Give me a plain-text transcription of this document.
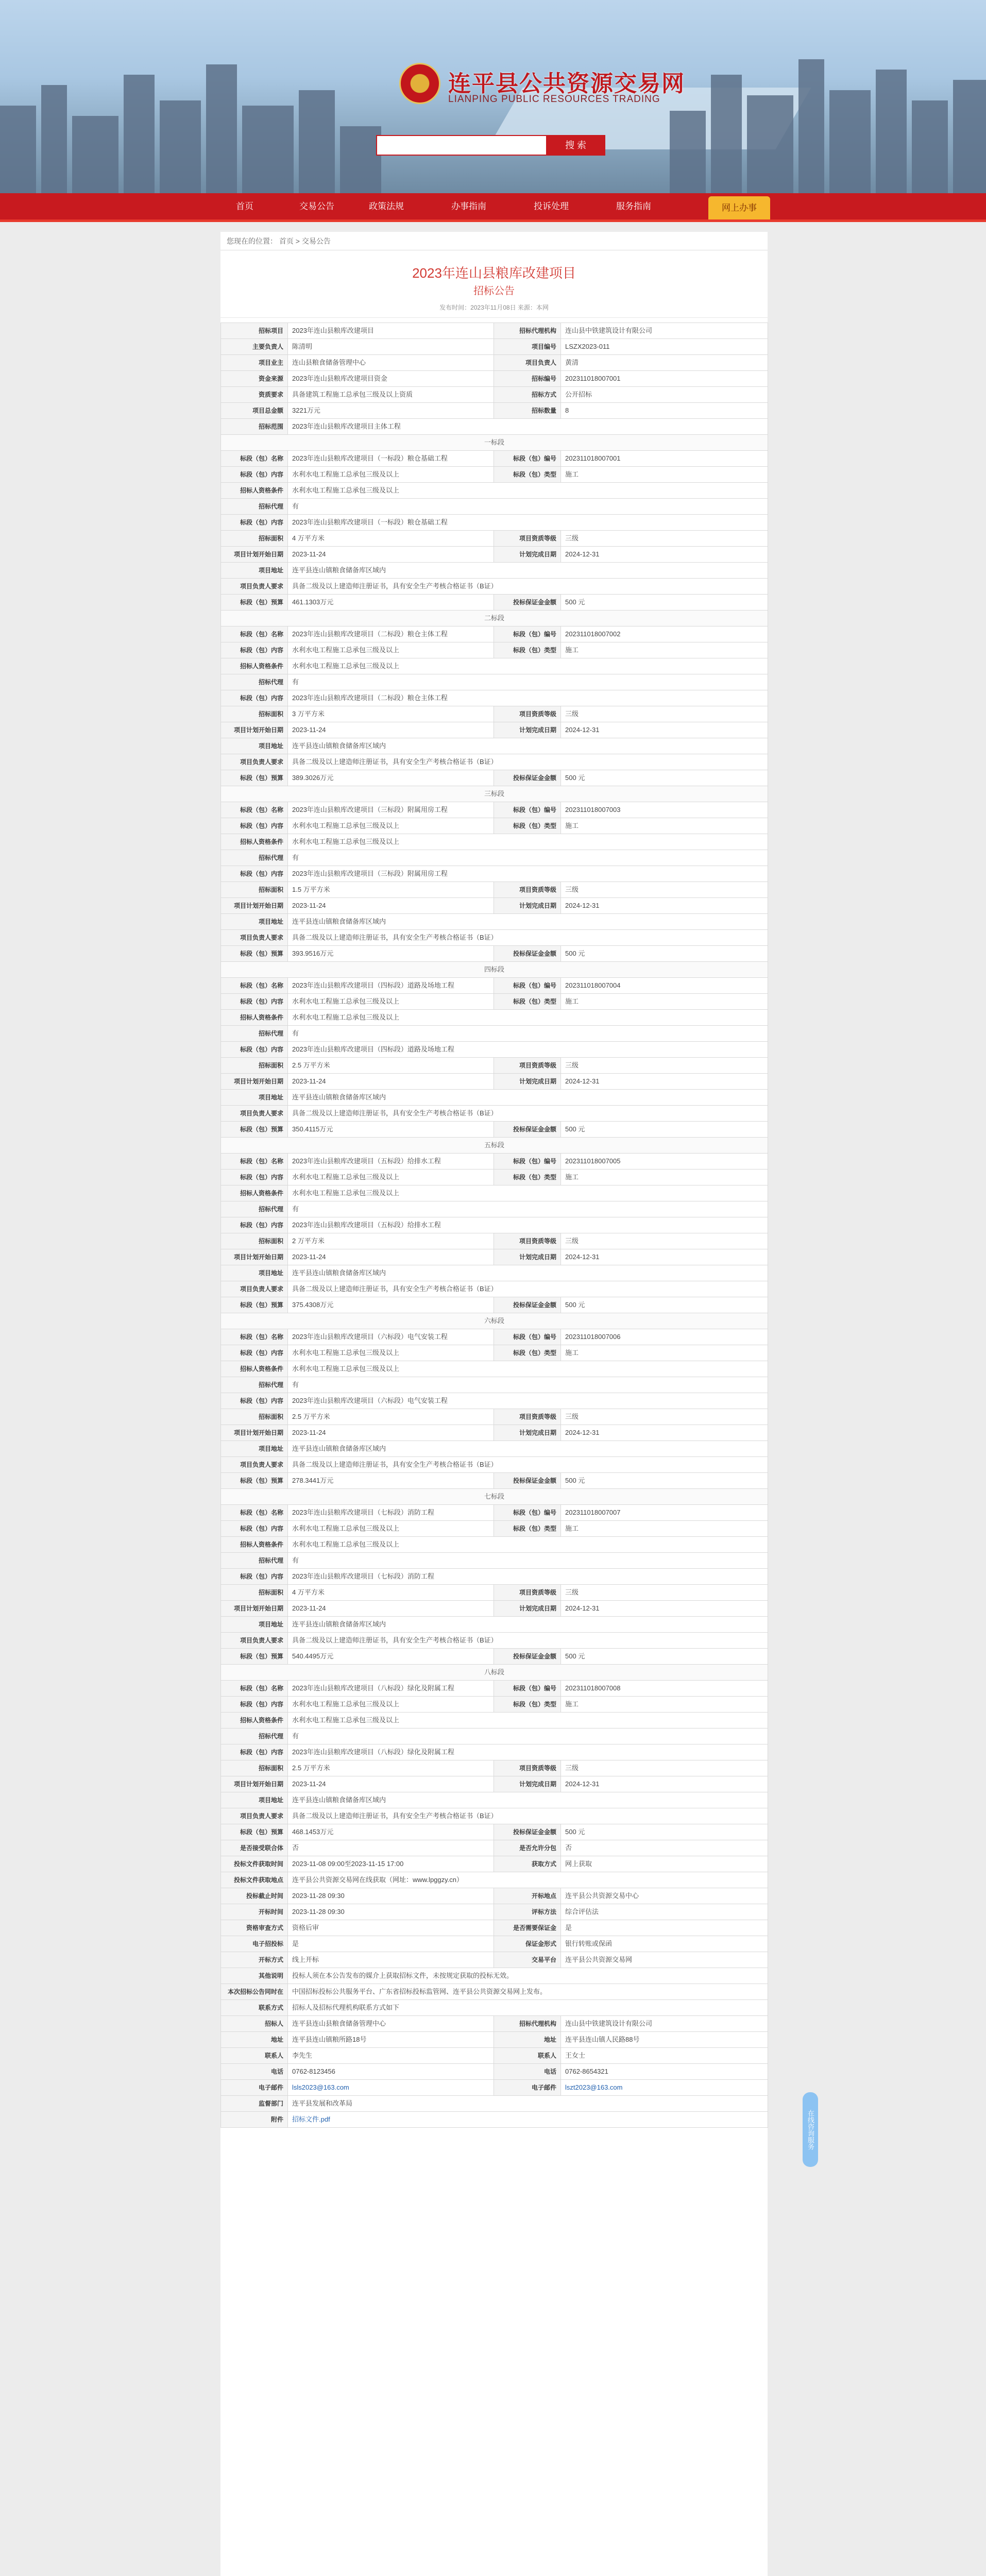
连平县公共资源交易网
LIANPING PUBLIC RESOURCES TRADING
搜 索
首页	交易公告	政策法规	办事指南	投诉处理	服务指南	网上办事
您现在的位置： 首页 > 交易公告
2023年连山县粮库改建项目
招标公告
发布时间：2023年11月08日 来源：本网
招标项目	2023年连山县粮库改建项目	招标代理机构	连山县中铁建筑设计有限公司
主要负责人	陈清明	项目编号	LSZX2023-011
项目业主	连山县粮食储备管理中心	项目负责人	黄清
资金来源	2023年连山县粮库改建项目资金	招标编号	202311018007001
资质要求	具备建筑工程施工总承包三级及以上资质	招标方式	公开招标
项目总金额	3221万元	招标数量	8
招标范围	2023年连山县粮库改建项目主体工程		
一标段			
标段（包）名称	2023年连山县粮库改建项目（一标段）粮仓基础工程	标段（包）编号	202311018007001
标段（包）内容	水利水电工程施工总承包三级及以上	标段（包）类型	施工
招标人资格条件	水利水电工程施工总承包三级及以上		
招标代理	有		
标段（包）内容	2023年连山县粮库改建项目（一标段）粮仓基础工程		
招标面积	4 万平方米	项目资质等级	三级
项目计划开始日期	2023-11-24	计划完成日期	2024-12-31
项目地址	连平县连山镇粮食储备库区域内		
项目负责人要求	具备二级及以上建造师注册证书，具有安全生产考核合格证书（B证）		
标段（包）预算	461.1303万元	投标保证金金额	500 元
二标段			
标段（包）名称	2023年连山县粮库改建项目（二标段）粮仓主体工程	标段（包）编号	202311018007002
标段（包）内容	水利水电工程施工总承包三级及以上	标段（包）类型	施工
招标人资格条件	水利水电工程施工总承包三级及以上		
招标代理	有		
标段（包）内容	2023年连山县粮库改建项目（二标段）粮仓主体工程		
招标面积	3 万平方米	项目资质等级	三级
项目计划开始日期	2023-11-24	计划完成日期	2024-12-31
项目地址	连平县连山镇粮食储备库区域内		
项目负责人要求	具备二级及以上建造师注册证书，具有安全生产考核合格证书（B证）		
标段（包）预算	389.3026万元	投标保证金金额	500 元
三标段			
标段（包）名称	2023年连山县粮库改建项目（三标段）附属用房工程	标段（包）编号	202311018007003
标段（包）内容	水利水电工程施工总承包三级及以上	标段（包）类型	施工
招标人资格条件	水利水电工程施工总承包三级及以上		
招标代理	有		
标段（包）内容	2023年连山县粮库改建项目（三标段）附属用房工程		
招标面积	1.5 万平方米	项目资质等级	三级
项目计划开始日期	2023-11-24	计划完成日期	2024-12-31
项目地址	连平县连山镇粮食储备库区域内		
项目负责人要求	具备二级及以上建造师注册证书，具有安全生产考核合格证书（B证）		
标段（包）预算	393.9516万元	投标保证金金额	500 元
四标段			
标段（包）名称	2023年连山县粮库改建项目（四标段）道路及场地工程	标段（包）编号	202311018007004
标段（包）内容	水利水电工程施工总承包三级及以上	标段（包）类型	施工
招标人资格条件	水利水电工程施工总承包三级及以上		
招标代理	有		
标段（包）内容	2023年连山县粮库改建项目（四标段）道路及场地工程		
招标面积	2.5 万平方米	项目资质等级	三级
项目计划开始日期	2023-11-24	计划完成日期	2024-12-31
项目地址	连平县连山镇粮食储备库区域内		
项目负责人要求	具备二级及以上建造师注册证书，具有安全生产考核合格证书（B证）		
标段（包）预算	350.4115万元	投标保证金金额	500 元
五标段			
标段（包）名称	2023年连山县粮库改建项目（五标段）给排水工程	标段（包）编号	202311018007005
标段（包）内容	水利水电工程施工总承包三级及以上	标段（包）类型	施工
招标人资格条件	水利水电工程施工总承包三级及以上		
招标代理	有		
标段（包）内容	2023年连山县粮库改建项目（五标段）给排水工程		
招标面积	2 万平方米	项目资质等级	三级
项目计划开始日期	2023-11-24	计划完成日期	2024-12-31
项目地址	连平县连山镇粮食储备库区域内		
项目负责人要求	具备二级及以上建造师注册证书，具有安全生产考核合格证书（B证）		
标段（包）预算	375.4308万元	投标保证金金额	500 元
六标段			
标段（包）名称	2023年连山县粮库改建项目（六标段）电气安装工程	标段（包）编号	202311018007006
标段（包）内容	水利水电工程施工总承包三级及以上	标段（包）类型	施工
招标人资格条件	水利水电工程施工总承包三级及以上		
招标代理	有		
标段（包）内容	2023年连山县粮库改建项目（六标段）电气安装工程		
招标面积	2.5 万平方米	项目资质等级	三级
项目计划开始日期	2023-11-24	计划完成日期	2024-12-31
项目地址	连平县连山镇粮食储备库区域内		
项目负责人要求	具备二级及以上建造师注册证书，具有安全生产考核合格证书（B证）		
标段（包）预算	278.3441万元	投标保证金金额	500 元
七标段			
标段（包）名称	2023年连山县粮库改建项目（七标段）消防工程	标段（包）编号	202311018007007
标段（包）内容	水利水电工程施工总承包三级及以上	标段（包）类型	施工
招标人资格条件	水利水电工程施工总承包三级及以上		
招标代理	有		
标段（包）内容	2023年连山县粮库改建项目（七标段）消防工程		
招标面积	4 万平方米	项目资质等级	三级
项目计划开始日期	2023-11-24	计划完成日期	2024-12-31
项目地址	连平县连山镇粮食储备库区域内		
项目负责人要求	具备二级及以上建造师注册证书，具有安全生产考核合格证书（B证）		
标段（包）预算	540.4495万元	投标保证金金额	500 元
八标段			
标段（包）名称	2023年连山县粮库改建项目（八标段）绿化及附属工程	标段（包）编号	202311018007008
标段（包）内容	水利水电工程施工总承包三级及以上	标段（包）类型	施工
招标人资格条件	水利水电工程施工总承包三级及以上		
招标代理	有		
标段（包）内容	2023年连山县粮库改建项目（八标段）绿化及附属工程		
招标面积	2.5 万平方米	项目资质等级	三级
项目计划开始日期	2023-11-24	计划完成日期	2024-12-31
项目地址	连平县连山镇粮食储备库区域内		
项目负责人要求	具备二级及以上建造师注册证书，具有安全生产考核合格证书（B证）		
标段（包）预算	468.1453万元	投标保证金金额	500 元
是否接受联合体	否	是否允许分包	否
投标文件获取时间	2023-11-08 09:00至2023-11-15 17:00	获取方式	网上获取
投标文件获取地点	连平县公共资源交易网在线获取（网址：www.lpggzy.cn）		
投标截止时间	2023-11-28 09:30	开标地点	连平县公共资源交易中心
开标时间	2023-11-28 09:30	评标方法	综合评估法
资格审查方式	资格后审	是否需要保证金	是
电子招投标	是	保证金形式	银行转账或保函
开标方式	线上开标	交易平台	连平县公共资源交易网
其他说明	投标人须在本公告发布的媒介上获取招标文件，未按规定获取的投标无效。		
本次招标公告同时在	中国招标投标公共服务平台、广东省招标投标监管网、连平县公共资源交易网上发布。		
联系方式	招标人及招标代理机构联系方式如下		
招标人	连平县连山县粮食储备管理中心	招标代理机构	连山县中铁建筑设计有限公司
地址	连平县连山镇粮所路18号	地址	连平县连山镇人民路88号
联系人	李先生	联系人	王女士
电话	0762-8123456	电话	0762-8654321
电子邮件	lsls2023@163.com	电子邮件	lszt2023@163.com
监督部门	连平县发展和改革局		
附件	招标文件.pdf			在线咨询服务
